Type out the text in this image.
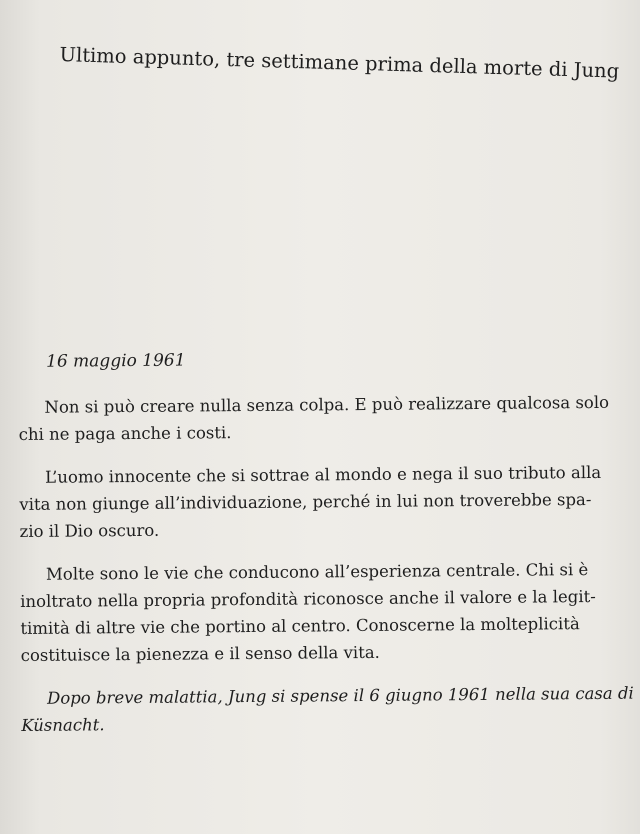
Ultimo appunto, tre settimane prima della morte di Jung
16 maggio 1961
Non si può creare nulla senza colpa. E può realizzare qualcosa solo
chi ne paga anche i costi.
L’uomo innocente che si sottrae al mondo e nega il suo tributo alla
vita non giunge all’individuazione, perché in lui non troverebbe spa-
zio il Dio oscuro.
Molte sono le vie che conducono all’esperienza centrale. Chi si è
inoltrato nella propria profondità riconosce anche il valore e la legit-
timità di altre vie che portino al centro. Conoscerne la molteplicità
costituisce la pienezza e il senso della vita.
Dopo breve malattia, Jung si spense il 6 giugno 1961 nella sua casa di
Küsnacht.
